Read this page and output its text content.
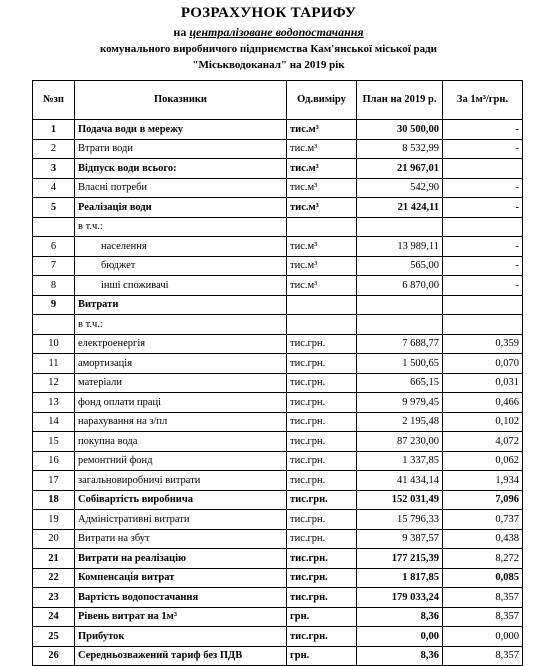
РОЗРАХУНОК ТАРИФУ
на централізоване водопостачання
комунального виробничого підприємства Кам'янської міської ради
"Міськводоканал" на 2019 рік
№зп	Показники	Од.виміру	План на 2019 р.	За 1м³/грн.
1	Подача води в мережу	тис.м³	30 500,00	-
2	Втрати води	тис.м³	8 532,99	-
3	Відпуск води всього:	тис.м³	21 967,01	
4	Власні потреби	тис.м³	542,90	-
5	Реалізація води	тис.м³	21 424,11	-
	в т.ч.:			
6	населення	тис.м³	13 989,11	-
7	бюджет	тис.м³	565,00	-
8	інші споживачі	тис.м³	6 870,00	-
9	Витрати			
	в т.ч.:			
10	електроенергія	тис.грн.	7 688,77	0,359
11	амортизація	тис.грн.	1 500,65	0,070
12	матеріали	тис.грн.	665,15	0,031
13	фонд оплати праці	тис.грн.	9 979,45	0,466
14	нарахування на з/пл	тис.грн.	2 195,48	0,102
15	покупна вода	тис.грн.	87 230,00	4,072
16	ремонтний фонд	тис.грн.	1 337,85	0,062
17	загальновиробничі витрати	тис.грн.	41 434,14	1,934
18	Собівартість виробнича	тис.грн.	152 031,49	7,096
19	Адміністративні витрати	тис.грн.	15 796,33	0,737
20	Витрати на збут	тис.грн.	9 387,57	0,438
21	Витрати на реалізацію	тис.грн.	177 215,39	8,272
22	Компенсація витрат	тис.грн.	1 817,85	0,085
23	Вартість водопостачання	тис.грн.	179 033,24	8,357
24	Рівень витрат на 1м³	грн.	8,36	8,357
25	Прибуток	тис.грн.	0,00	0,000
26	Середньозважений тариф без ПДВ	грн.	8,36	8,357
